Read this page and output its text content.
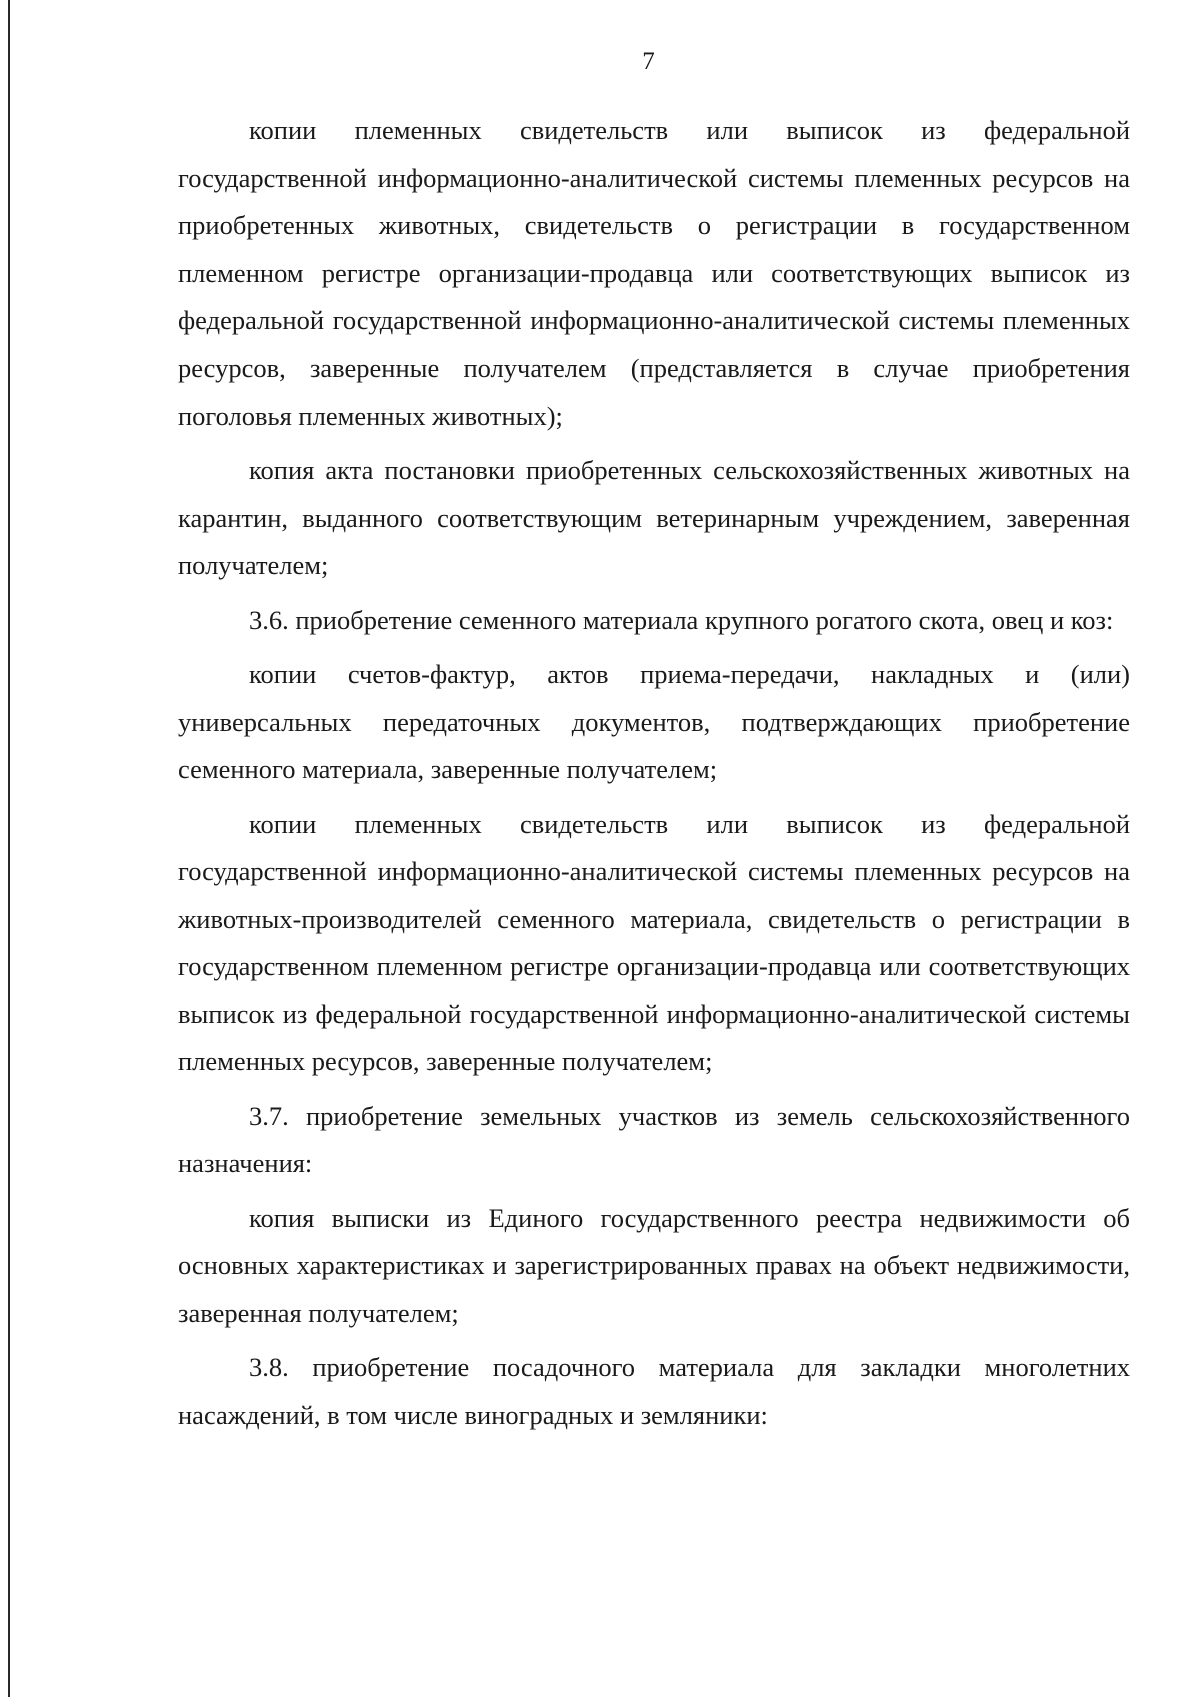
7

копии племенных свидетельств или выписок из федеральной государственной информационно-аналитической системы племенных ресурсов на приобретенных животных, свидетельств о регистрации в государственном племенном регистре организации-продавца или соответствующих выписок из федеральной государственной информационно-аналитической системы племенных ресурсов, заверенные получателем (представляется в случае приобретения поголовья племенных животных);

копия акта постановки приобретенных сельскохозяйственных животных на карантин, выданного соответствующим ветеринарным учреждением, заверенная получателем;

3.6. приобретение семенного материала крупного рогатого скота, овец и коз:

копии счетов-фактур, актов приема-передачи, накладных и (или) универсальных передаточных документов, подтверждающих приобретение семенного материала, заверенные получателем;

копии племенных свидетельств или выписок из федеральной государственной информационно-аналитической системы племенных ресурсов на животных-производителей семенного материала, свидетельств о регистрации в государственном племенном регистре организации-продавца или соответствующих выписок из федеральной государственной информационно-аналитической системы племенных ресурсов, заверенные получателем;

3.7. приобретение земельных участков из земель сельскохозяйственного назначения:

копия выписки из Единого государственного реестра недвижимости об основных характеристиках и зарегистрированных правах на объект недвижимости, заверенная получателем;

3.8. приобретение посадочного материала для закладки многолетних насаждений, в том числе виноградных и земляники:
